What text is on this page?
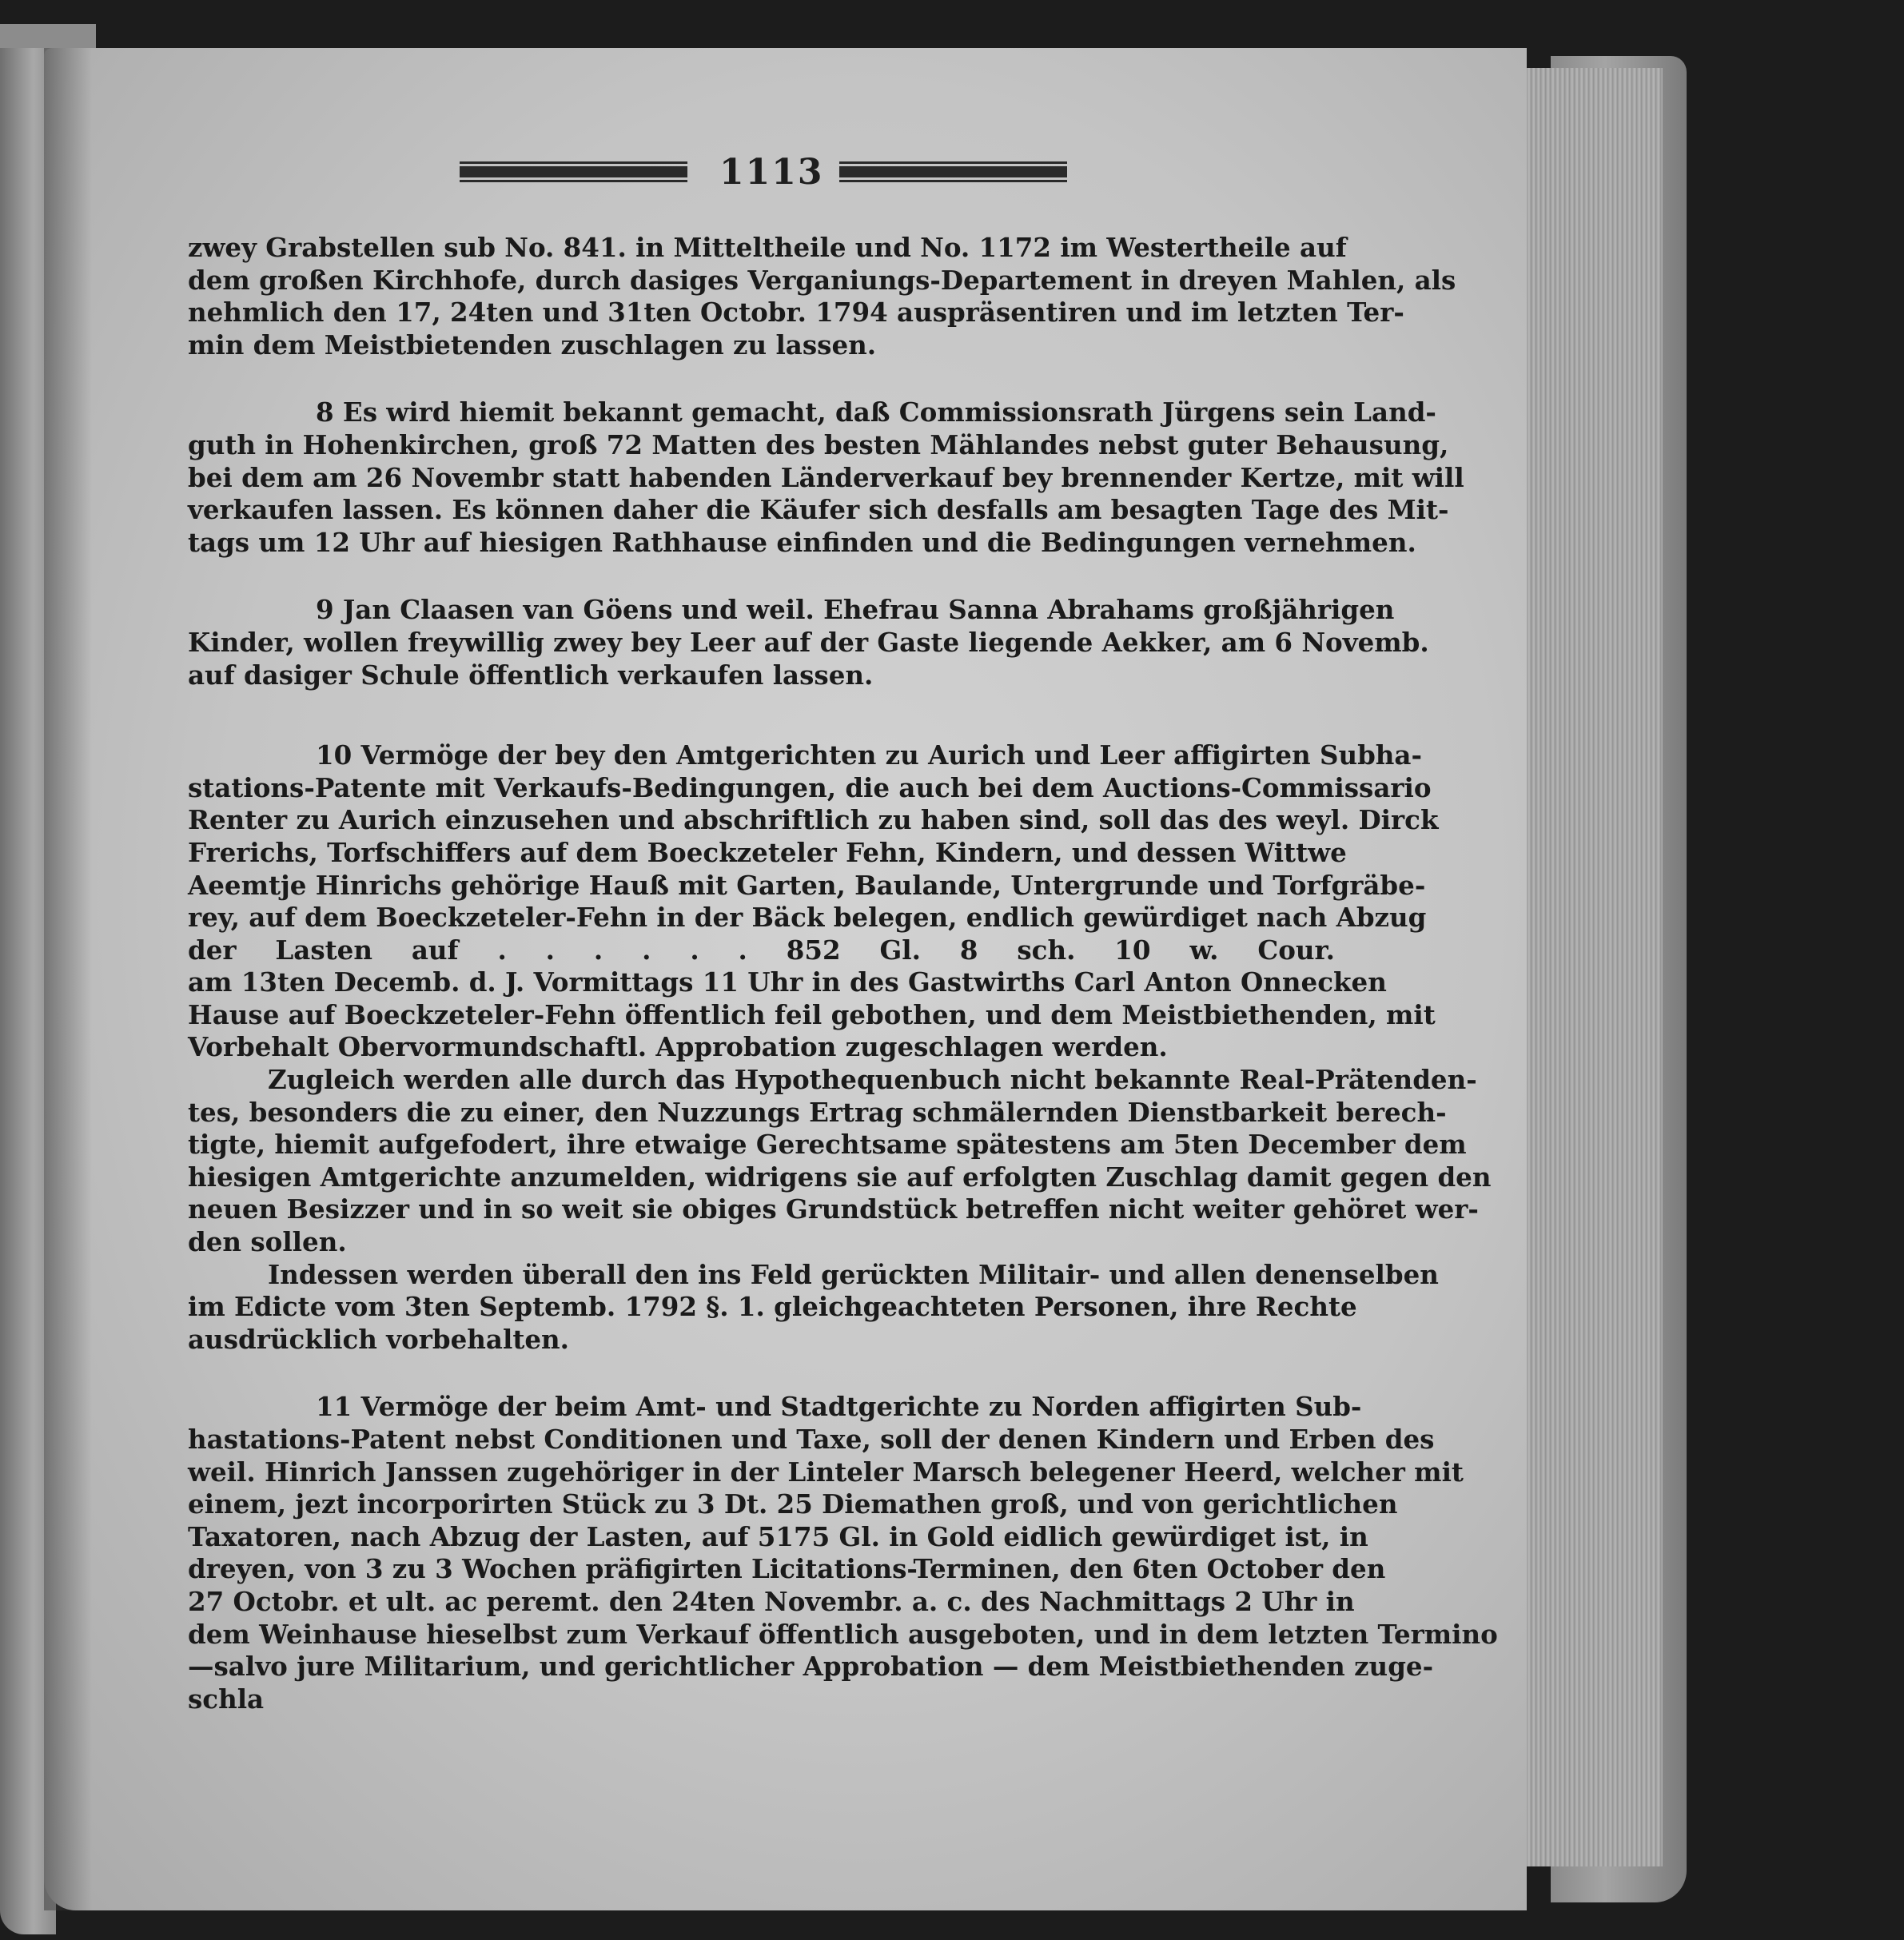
1113
zwey Grabstellen sub No. 841. in Mitteltheile und No. 1172 im Westertheile auf
dem großen Kirchhofe, durch dasiges Verganiungs-Departement in dreyen Mahlen, als
nehmlich den 17, 24ten und 31ten Octobr. 1794 auspräsentiren und im letzten Ter-
min dem Meistbietenden zuschlagen zu lassen.
8 Es wird hiemit bekannt gemacht, daß Commissionsrath Jürgens sein Land-
guth in Hohenkirchen, groß 72 Matten des besten Mählandes nebst guter Behausung,
bei dem am 26 Novembr statt habenden Länderverkauf bey brennender Kertze, mit will
verkaufen lassen. Es können daher die Käufer sich desfalls am besagten Tage des Mit-
tags um 12 Uhr auf hiesigen Rathhause einfinden und die Bedingungen vernehmen.
9 Jan Claasen van Göens und weil. Ehefrau Sanna Abrahams großjährigen
Kinder, wollen freywillig zwey bey Leer auf der Gaste liegende Aekker, am 6 Novemb.
auf dasiger Schule öffentlich verkaufen lassen.
10 Vermöge der bey den Amtgerichten zu Aurich und Leer affigirten Subha-
stations-Patente mit Verkaufs-Bedingungen, die auch bei dem Auctions-Commissario
Renter zu Aurich einzusehen und abschriftlich zu haben sind, soll das des weyl. Dirck
Frerichs, Torfschiffers auf dem Boeckzeteler Fehn, Kindern, und dessen Wittwe
Aeemtje Hinrichs gehörige Hauß mit Garten, Baulande, Untergrunde und Torfgräbe-
rey, auf dem Boeckzeteler-Fehn in der Bäck belegen, endlich gewürdiget nach Abzug
der Lasten auf . . . . . . 852 Gl. 8 sch. 10 w. Cour.
am 13ten Decemb. d. J. Vormittags 11 Uhr in des Gastwirths Carl Anton Onnecken
Hause auf Boeckzeteler-Fehn öffentlich feil gebothen, und dem Meistbiethenden, mit
Vorbehalt Obervormundschaftl. Approbation zugeschlagen werden.
Zugleich werden alle durch das Hypothequenbuch nicht bekannte Real-Prätenden-
tes, besonders die zu einer, den Nuzzungs Ertrag schmälernden Dienstbarkeit berech-
tigte, hiemit aufgefodert, ihre etwaige Gerechtsame spätestens am 5ten December dem
hiesigen Amtgerichte anzumelden, widrigens sie auf erfolgten Zuschlag damit gegen den
neuen Besizzer und in so weit sie obiges Grundstück betreffen nicht weiter gehöret wer-
den sollen.
Indessen werden überall den ins Feld gerückten Militair- und allen denenselben
im Edicte vom 3ten Septemb. 1792 §. 1. gleichgeachteten Personen, ihre Rechte
ausdrücklich vorbehalten.
11 Vermöge der beim Amt- und Stadtgerichte zu Norden affigirten Sub-
hastations-Patent nebst Conditionen und Taxe, soll der denen Kindern und Erben des
weil. Hinrich Janssen zugehöriger in der Linteler Marsch belegener Heerd, welcher mit
einem, jezt incorporirten Stück zu 3 Dt. 25 Diemathen groß, und von gerichtlichen
Taxatoren, nach Abzug der Lasten, auf 5175 Gl. in Gold eidlich gewürdiget ist, in
dreyen, von 3 zu 3 Wochen präfigirten Licitations-Terminen, den 6ten October den
27 Octobr. et ult. ac peremt. den 24ten Novembr. a. c. des Nachmittags 2 Uhr in
dem Weinhause hieselbst zum Verkauf öffentlich ausgeboten, und in dem letzten Termino
—salvo jure Militarium, und gerichtlicher Approbation — dem Meistbiethenden zuge-
schla
